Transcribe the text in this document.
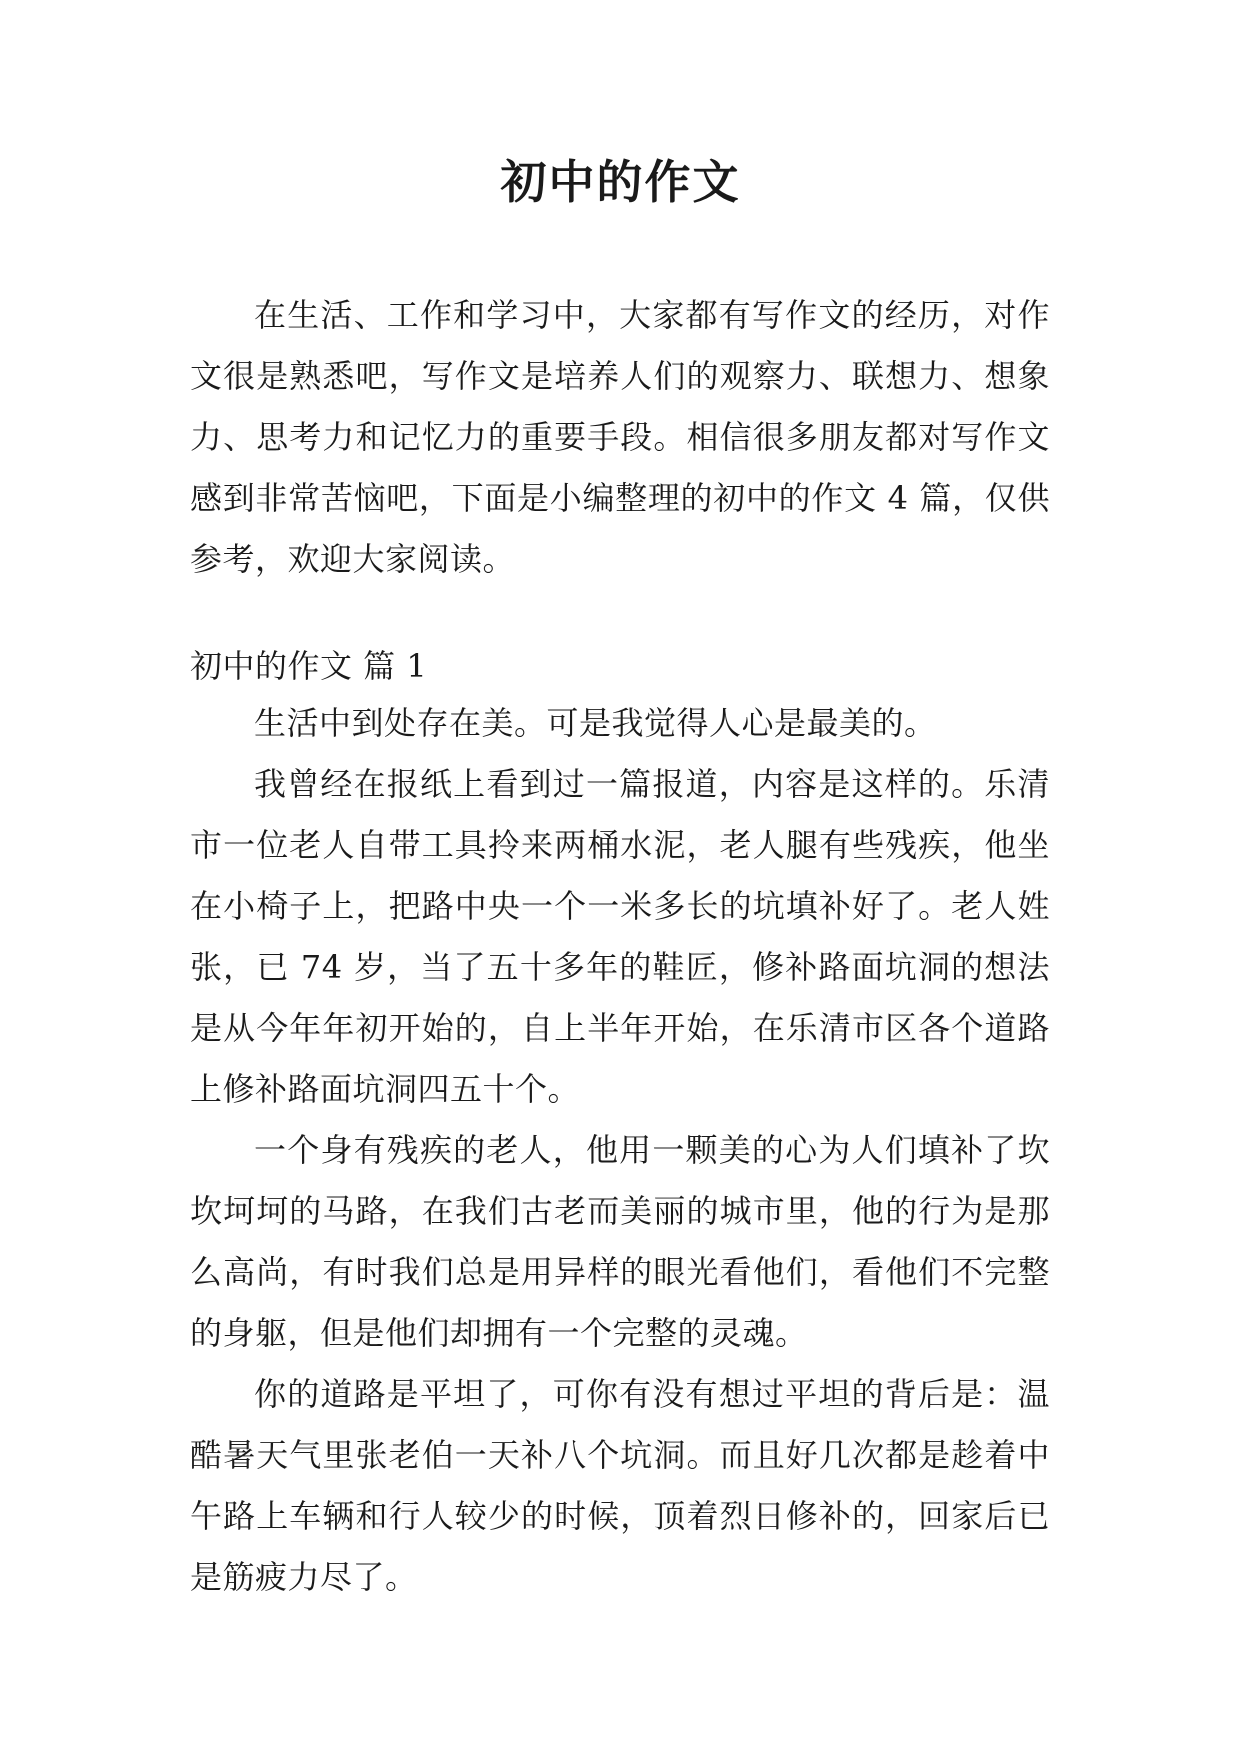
初中的作文

在生活、工作和学习中，大家都有写作文的经历，对作文很是熟悉吧，写作文是培养人们的观察力、联想力、想象力、思考力和记忆力的重要手段。相信很多朋友都对写作文感到非常苦恼吧，下面是小编整理的初中的作文 4 篇，仅供参考，欢迎大家阅读。

初中的作文 篇 1

生活中到处存在美。可是我觉得人心是最美的。

我曾经在报纸上看到过一篇报道，内容是这样的。乐清市一位老人自带工具拎来两桶水泥，老人腿有些残疾，他坐在小椅子上，把路中央一个一米多长的坑填补好了。老人姓张，已 74 岁，当了五十多年的鞋匠，修补路面坑洞的想法是从今年年初开始的，自上半年开始，在乐清市区各个道路上修补路面坑洞四五十个。

一个身有残疾的老人，他用一颗美的心为人们填补了坎坎坷坷的马路，在我们古老而美丽的城市里，他的行为是那么高尚，有时我们总是用异样的眼光看他们，看他们不完整的身躯，但是他们却拥有一个完整的灵魂。

你的道路是平坦了，可你有没有想过平坦的背后是：温酷暑天气里张老伯一天补八个坑洞。而且好几次都是趁着中午路上车辆和行人较少的时候，顶着烈日修补的，回家后已是筋疲力尽了。
